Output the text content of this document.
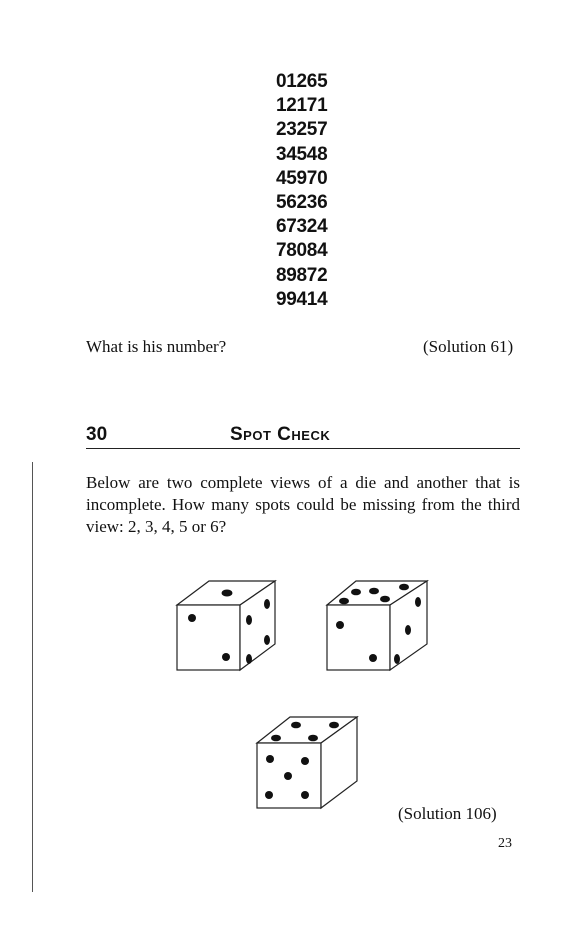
01265
12171
23257
34548
45970
56236
67324
78084
89872
99414
What is his number?	(Solution 61)
30	Spot Check
Below are two complete views of a die and another that is incomplete. How many spots could be missing from the third view: 2, 3, 4, 5 or 6?
(Solution 106)
23
